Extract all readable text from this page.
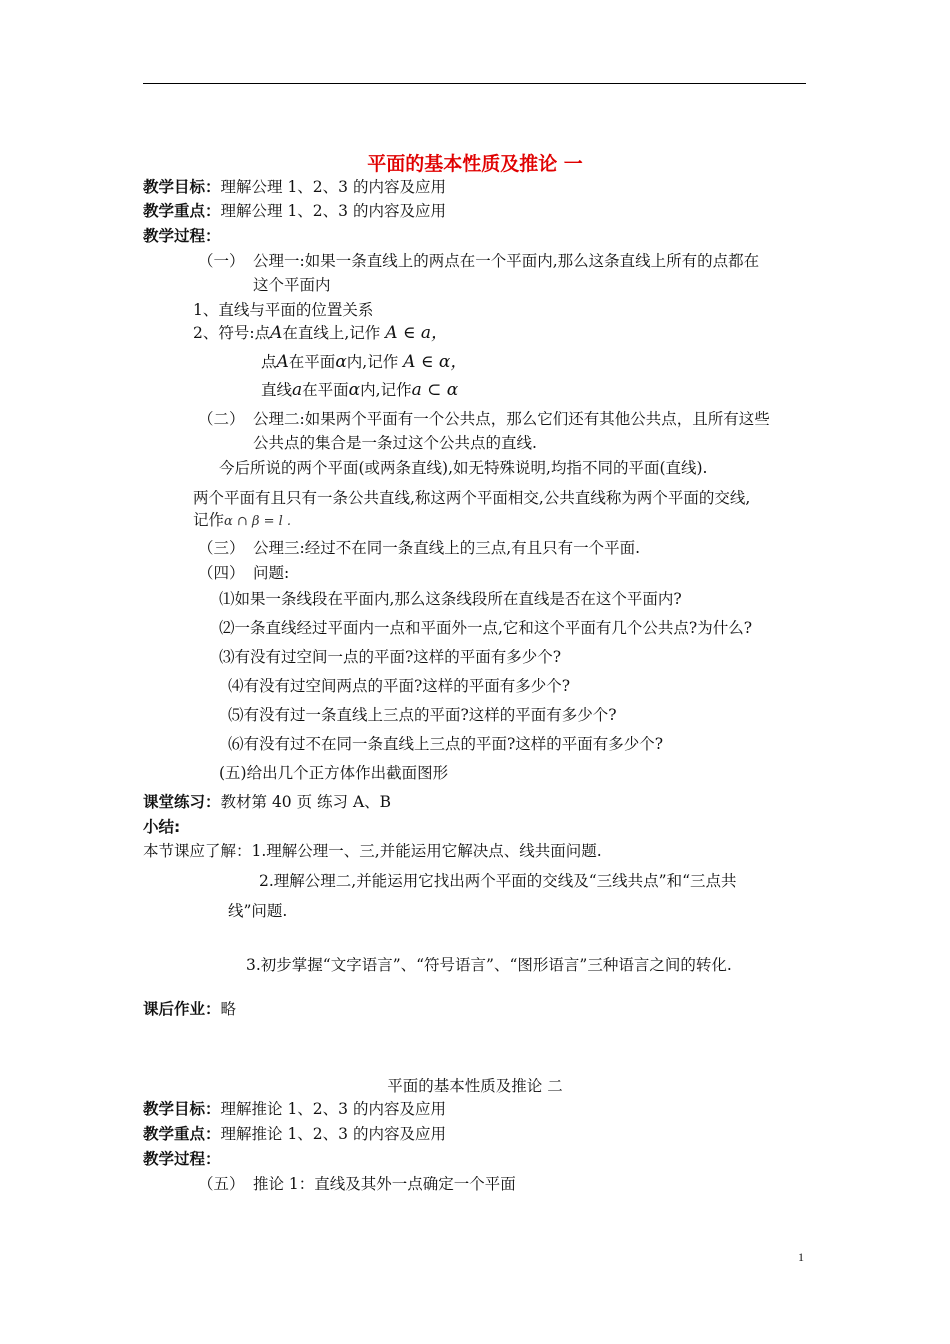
平面的基本性质及推论 一
教学目标：理解公理 1、2、3 的内容及应用
教学重点：理解公理 1、2、3 的内容及应用
教学过程：
（一） 公理一:如果一条直线上的两点在一个平面内,那么这条直线上所有的点都在
这个平面内
1、直线与平面的位置关系
2、符号:点A在直线上,记作 A ∈ a，
点A在平面α内,记作 A ∈ α，
直线a在平面α内,记作a ⊂ α
（二） 公理二:如果两个平面有一个公共点，那么它们还有其他公共点，且所有这些
公共点的集合是一条过这个公共点的直线.
今后所说的两个平面(或两条直线),如无特殊说明,均指不同的平面(直线).
两个平面有且只有一条公共直线,称这两个平面相交,公共直线称为两个平面的交线,
记作α ∩ β = l .
（三） 公理三:经过不在同一条直线上的三点,有且只有一个平面.
（四） 问题:
⑴如果一条线段在平面内,那么这条线段所在直线是否在这个平面内?
⑵一条直线经过平面内一点和平面外一点,它和这个平面有几个公共点?为什么?
⑶有没有过空间一点的平面?这样的平面有多少个?
⑷有没有过空间两点的平面?这样的平面有多少个?
⑸有没有过一条直线上三点的平面?这样的平面有多少个?
⑹有没有过不在同一条直线上三点的平面?这样的平面有多少个?
(五)给出几个正方体作出截面图形
课堂练习：教材第 40 页 练习 A、B
小结:
本节课应了解：1.理解公理一、三,并能运用它解决点、线共面问题.
2.理解公理二,并能运用它找出两个平面的交线及“三线共点”和“三点共
线”问题.
3.初步掌握“文字语言”、“符号语言”、“图形语言”三种语言之间的转化.
课后作业：略
平面的基本性质及推论 二
教学目标：理解推论 1、2、3 的内容及应用
教学重点：理解推论 1、2、3 的内容及应用
教学过程：
（五） 推论 1：直线及其外一点确定一个平面
1
